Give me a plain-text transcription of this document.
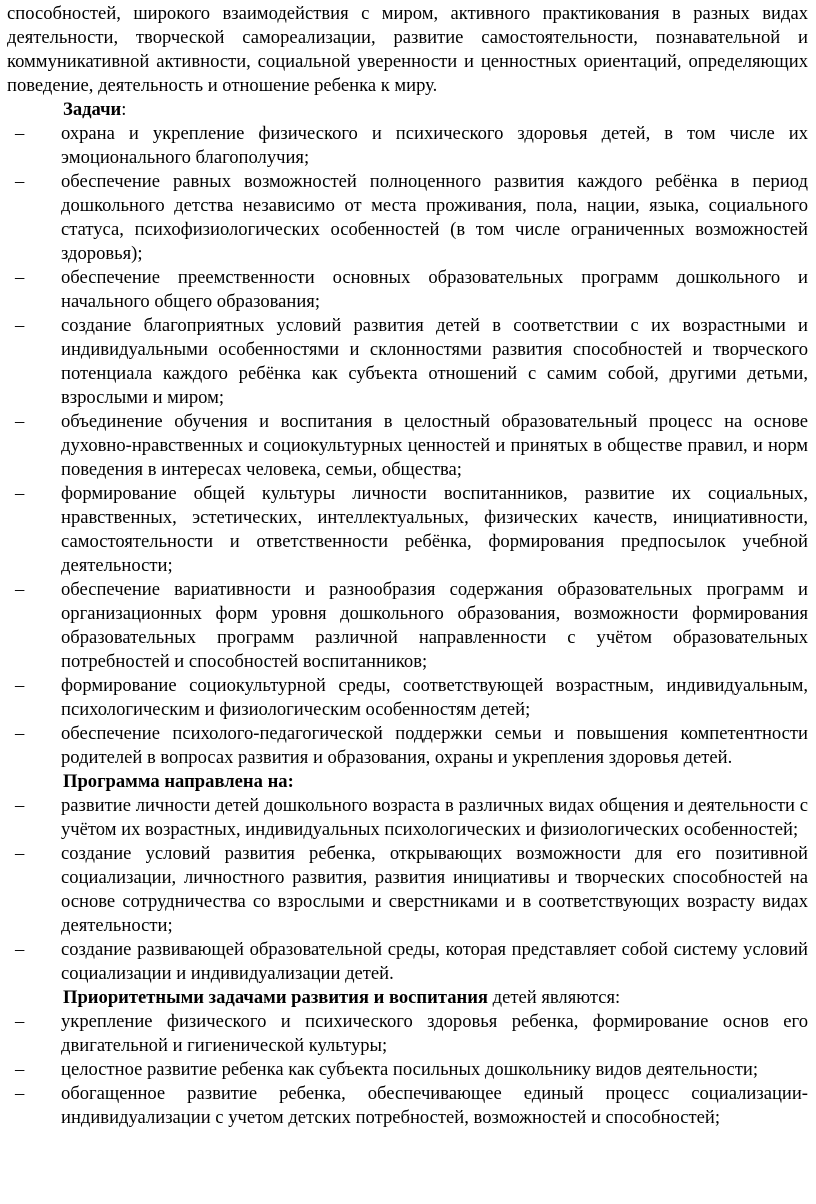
способностей, широкого взаимодействия с миром, активного практикования в разных видах деятельности, творческой самореализации, развитие самостоятельности, познавательной и коммуникативной активности, социальной уверенности и ценностных ориентаций, определяющих поведение, деятельность и отношение ребенка к миру.

Задачи:

– охрана и укрепление физического и психического здоровья детей, в том числе их эмоционального благополучия;
– обеспечение равных возможностей полноценного развития каждого ребёнка в период дошкольного детства независимо от места проживания, пола, нации, языка, социального статуса, психофизиологических особенностей (в том числе ограниченных возможностей здоровья);
– обеспечение преемственности основных образовательных программ дошкольного и начального общего образования;
– создание благоприятных условий развития детей в соответствии с их возрастными и индивидуальными особенностями и склонностями развития способностей и творческого потенциала каждого ребёнка как субъекта отношений с самим собой, другими детьми, взрослыми и миром;
– объединение обучения и воспитания в целостный образовательный процесс на основе духовно-нравственных и социокультурных ценностей и принятых в обществе правил, и норм поведения в интересах человека, семьи, общества;
– формирование общей культуры личности воспитанников, развитие их социальных, нравственных, эстетических, интеллектуальных, физических качеств, инициативности, самостоятельности и ответственности ребёнка, формирования предпосылок учебной деятельности;
– обеспечение вариативности и разнообразия содержания образовательных программ и организационных форм уровня дошкольного образования, возможности формирования образовательных программ различной направленности с учётом образовательных потребностей и способностей воспитанников;
– формирование социокультурной среды, соответствующей возрастным, индивидуальным, психологическим и физиологическим особенностям детей;
– обеспечение психолого-педагогической поддержки семьи и повышения компетентности родителей в вопросах развития и образования, охраны и укрепления здоровья детей.

Программа направлена на:

– развитие личности детей дошкольного возраста в различных видах общения и деятельности с учётом их возрастных, индивидуальных психологических и физиологических особенностей;
– создание условий развития ребенка, открывающих возможности для его позитивной социализации, личностного развития, развития инициативы и творческих способностей на основе сотрудничества со взрослыми и сверстниками и в соответствующих возрасту видах деятельности;
– создание развивающей образовательной среды, которая представляет собой систему условий социализации и индивидуализации детей.

Приоритетными задачами развития и воспитания детей являются:

– укрепление физического и психического здоровья ребенка, формирование основ его двигательной и гигиенической культуры;
– целостное развитие ребенка как субъекта посильных дошкольнику видов деятельности;
– обогащенное развитие ребенка, обеспечивающее единый процесс социализации-индивидуализации с учетом детских потребностей, возможностей и способностей;
